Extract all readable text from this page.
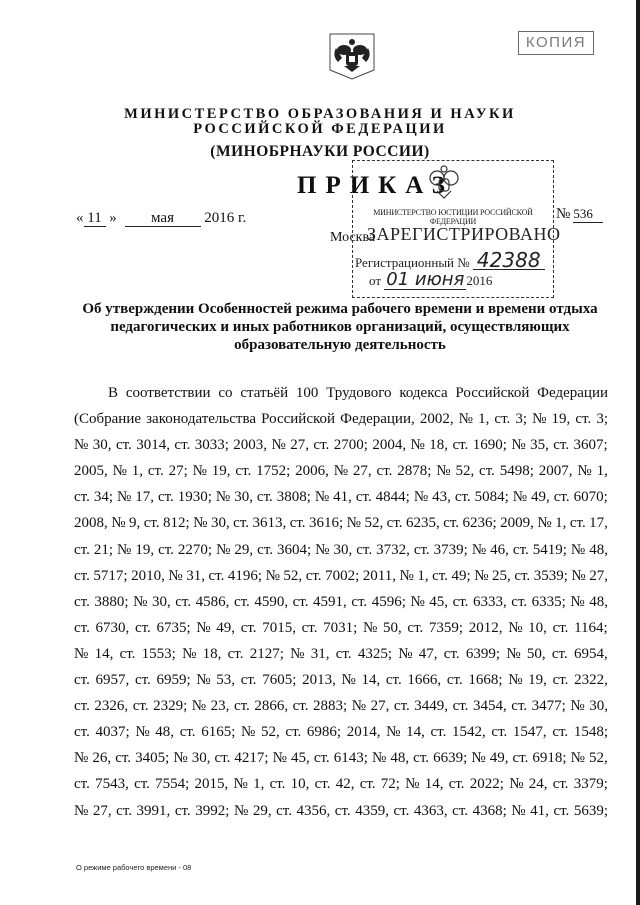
КОПИЯ
МИНИСТЕРСТВО ОБРАЗОВАНИЯ И НАУКИ
РОССИЙСКОЙ ФЕДЕРАЦИИ
(МИНОБРНАУКИ РОССИИ)
ПРИКАЗ
« 11 » мая 2016 г.	№ 536
Москва
МИНИСТЕРСТВО ЮСТИЦИИ РОССИЙСКОЙ ФЕДЕРАЦИИ
ЗАРЕГИСТРИРОВАНО
Регистрационный № 42388
от 01 июня 2016
Об утверждении Особенностей режима рабочего времени и времени отдыха
педагогических и иных работников организаций, осуществляющих
образовательную деятельность
В соответствии со статьёй 100 Трудового кодекса Российской Федерации
(Собрание законодательства Российской Федерации, 2002, № 1, ст. 3; № 19, ст. 3;
№ 30, ст. 3014, ст. 3033; 2003, № 27, ст. 2700; 2004, № 18, ст. 1690; № 35, ст. 3607;
2005, № 1, ст. 27; № 19, ст. 1752; 2006, № 27, ст. 2878; № 52, ст. 5498; 2007, № 1,
ст. 34; № 17, ст. 1930; № 30, ст. 3808; № 41, ст. 4844; № 43, ст. 5084; № 49, ст. 6070;
2008, № 9, ст. 812; № 30, ст. 3613, ст. 3616; № 52, ст. 6235, ст. 6236; 2009, № 1, ст. 17,
ст. 21; № 19, ст. 2270; № 29, ст. 3604; № 30, ст. 3732, ст. 3739; № 46, ст. 5419; № 48,
ст. 5717; 2010, № 31, ст. 4196; № 52, ст. 7002; 2011, № 1, ст. 49; № 25, ст. 3539; № 27,
ст. 3880; № 30, ст. 4586, ст. 4590, ст. 4591, ст. 4596; № 45, ст. 6333, ст. 6335; № 48,
ст. 6730, ст. 6735; № 49, ст. 7015, ст. 7031; № 50, ст. 7359; 2012, № 10, ст. 1164;
№ 14, ст. 1553; № 18, ст. 2127; № 31, ст. 4325; № 47, ст. 6399; № 50, ст. 6954,
ст. 6957, ст. 6959; № 53, ст. 7605; 2013, № 14, ст. 1666, ст. 1668; № 19, ст. 2322,
ст. 2326, ст. 2329; № 23, ст. 2866, ст. 2883; № 27, ст. 3449, ст. 3454, ст. 3477; № 30,
ст. 4037; № 48, ст. 6165; № 52, ст. 6986; 2014, № 14, ст. 1542, ст. 1547, ст. 1548;
№ 26, ст. 3405; № 30, ст. 4217; № 45, ст. 6143; № 48, ст. 6639; № 49, ст. 6918; № 52,
ст. 7543, ст. 7554; 2015, № 1, ст. 10, ст. 42, ст. 72; № 14, ст. 2022; № 24, ст. 3379;
№ 27, ст. 3991, ст. 3992; № 29, ст. 4356, ст. 4359, ст. 4363, ст. 4368; № 41, ст. 5639;
О режиме рабочего времени - 08
